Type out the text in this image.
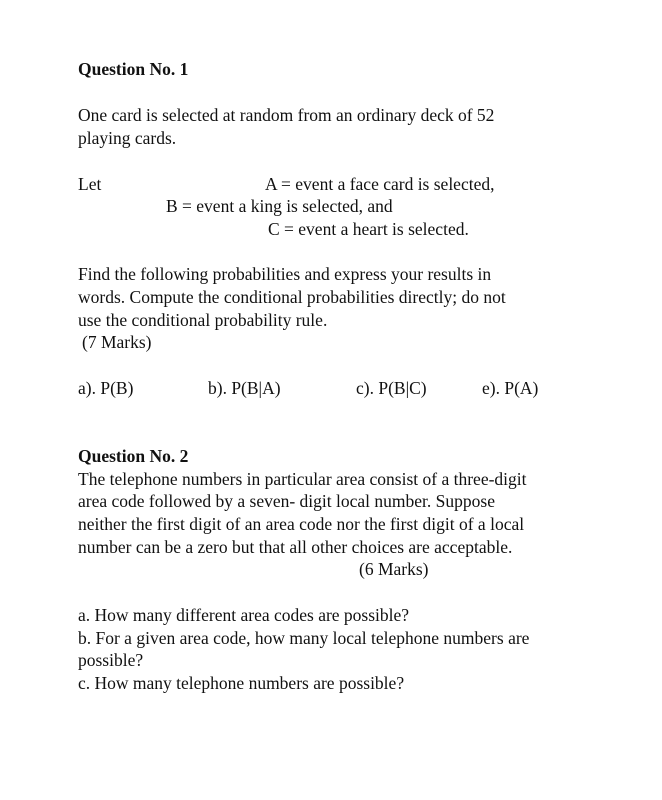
Question No. 1
One card is selected at random from an ordinary deck of 52
playing cards.
Let	A = event a face card is selected,
B = event a king is selected, and
C = event a heart is selected.
Find the following probabilities and express your results in
words. Compute the conditional probabilities directly; do not
use the conditional probability rule.
(7 Marks)
a). P(B)	b). P(B|A)	c). P(B|C)	e). P(A)
Question No. 2
The telephone numbers in particular area consist of a three-digit
area code followed by a seven- digit local number. Suppose
neither the first digit of an area code nor the first digit of a local
number can be a zero but that all other choices are acceptable.
(6 Marks)
a. How many different area codes are possible?
b. For a given area code, how many local telephone numbers are
possible?
c. How many telephone numbers are possible?
